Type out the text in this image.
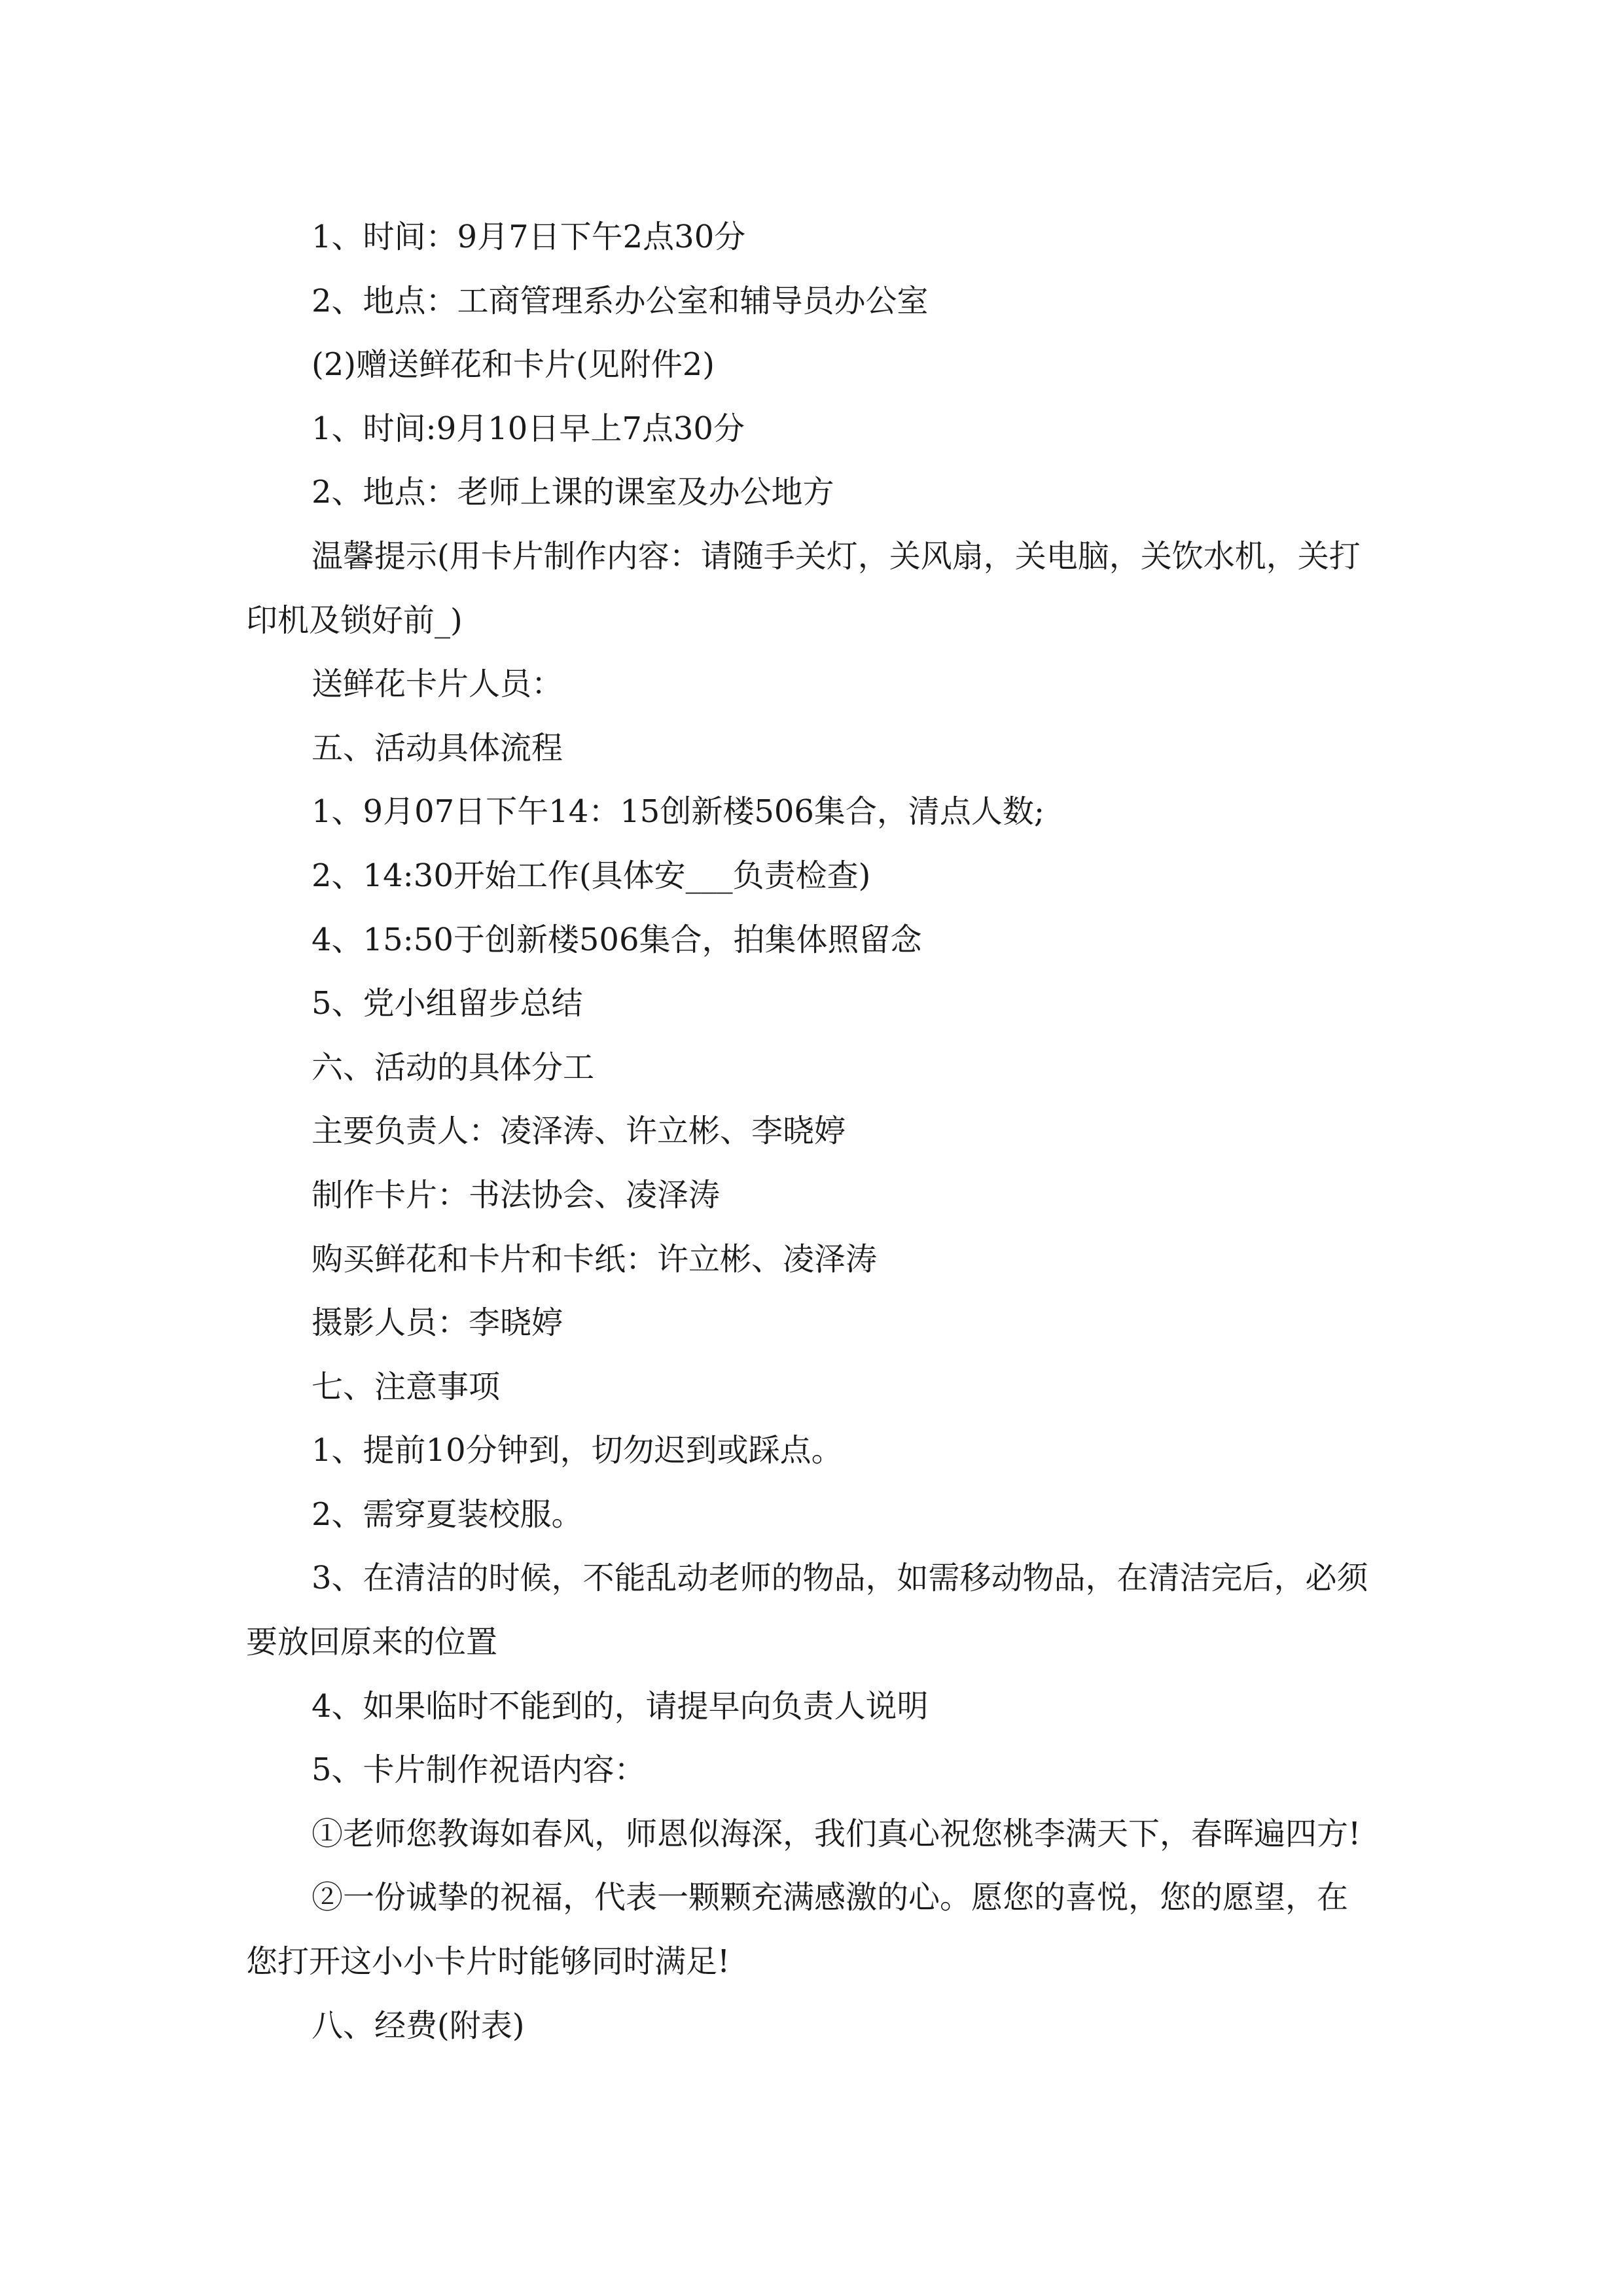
1、时间：9月7日下午2点30分

2、地点：工商管理系办公室和辅导员办公室

(2)赠送鲜花和卡片(见附件2)

1、时间:9月10日早上7点30分

2、地点：老师上课的课室及办公地方

温馨提示(用卡片制作内容：请随手关灯，关风扇，关电脑，关饮水机，关打印机及锁好前_)

送鲜花卡片人员：

五、活动具体流程

1、9月07日下午14：15创新楼506集合，清点人数;

2、14:30开始工作(具体安___负责检查)

4、15:50于创新楼506集合，拍集体照留念

5、党小组留步总结

六、活动的具体分工

主要负责人：凌泽涛、许立彬、李晓婷

制作卡片：书法协会、凌泽涛

购买鲜花和卡片和卡纸：许立彬、凌泽涛

摄影人员：李晓婷

七、注意事项

1、提前10分钟到，切勿迟到或踩点。

2、需穿夏装校服。

3、在清洁的时候，不能乱动老师的物品，如需移动物品，在清洁完后，必须要放回原来的位置

4、如果临时不能到的，请提早向负责人说明

5、卡片制作祝语内容：

①老师您教诲如春风，师恩似海深，我们真心祝您桃李满天下，春晖遍四方!

②一份诚挚的祝福，代表一颗颗充满感激的心。愿您的喜悦，您的愿望，在您打开这小小卡片时能够同时满足!

八、经费(附表)
